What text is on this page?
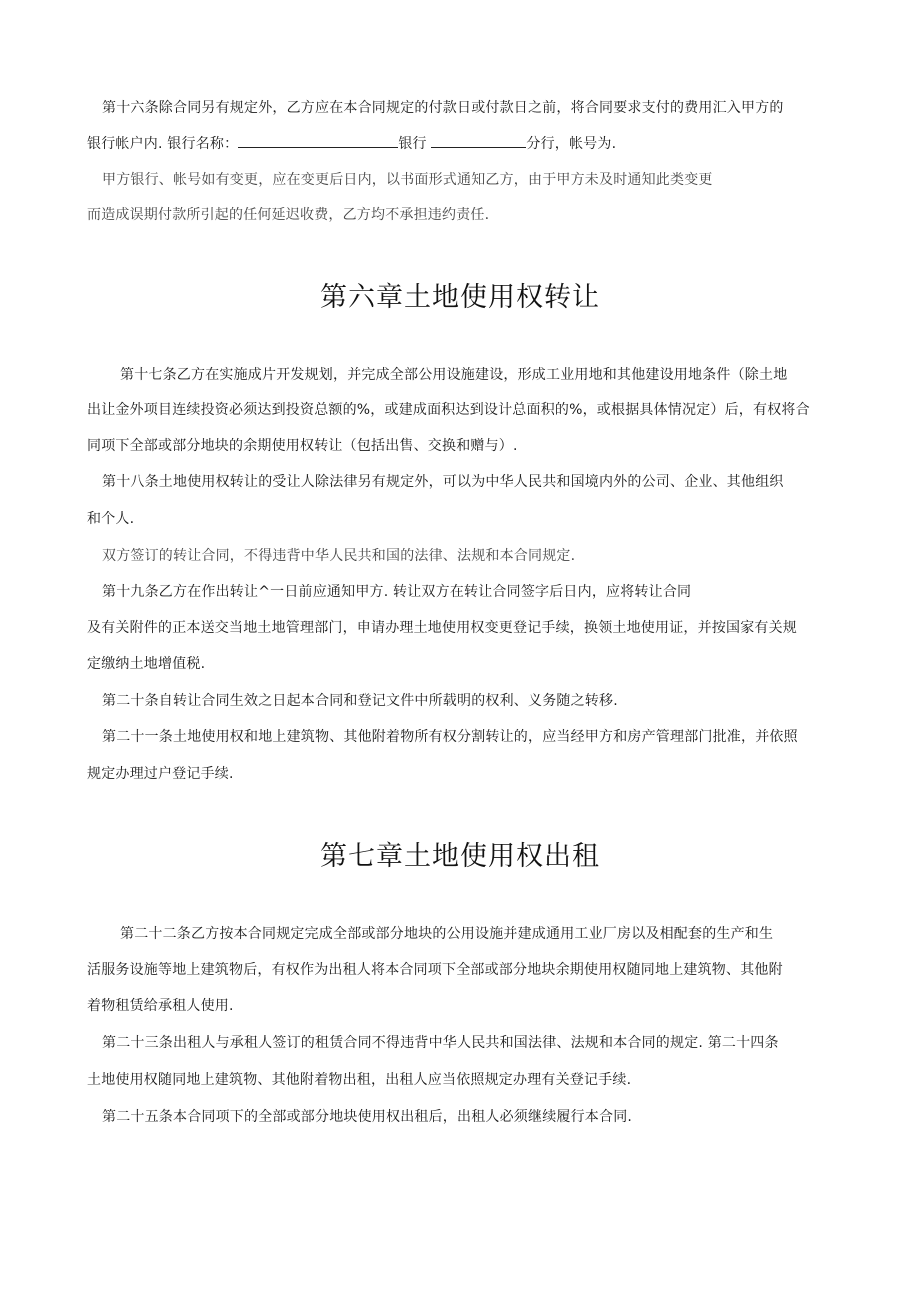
第十六条除合同另有规定外，乙方应在本合同规定的付款日或付款日之前，将合同要求支付的费用汇入甲方的
银行帐户内. 银行名称：	银行	分行，帐号为.
甲方银行、帐号如有变更，应在变更后日内，以书面形式通知乙方，由于甲方未及时通知此类变更
而造成误期付款所引起的任何延迟收费，乙方均不承担违约责任.
第六章土地使用权转让
第十七条乙方在实施成片开发规划，并完成全部公用设施建设，形成工业用地和其他建设用地条件（除土地
出让金外项目连续投资必须达到投资总额的%，或建成面积达到设计总面积的%，或根据具体情况定）后，有权将合
同项下全部或部分地块的余期使用权转让（包括出售、交换和赠与）.
第十八条土地使用权转让的受让人除法律另有规定外，可以为中华人民共和国境内外的公司、企业、其他组织
和个人.
双方签订的转让合同，不得违背中华人民共和国的法律、法规和本合同规定.
第十九条乙方在作出转让^一日前应通知甲方. 转让双方在转让合同签字后日内，应将转让合同
及有关附件的正本送交当地土地管理部门，申请办理土地使用权变更登记手续，换领土地使用证，并按国家有关规
定缴纳土地增值税.
第二十条自转让合同生效之日起本合同和登记文件中所载明的权利、义务随之转移.
第二十一条土地使用权和地上建筑物、其他附着物所有权分割转让的，应当经甲方和房产管理部门批准，并依照
规定办理过户登记手续.
第七章土地使用权出租
第二十二条乙方按本合同规定完成全部或部分地块的公用设施并建成通用工业厂房以及相配套的生产和生
活服务设施等地上建筑物后，有权作为出租人将本合同项下全部或部分地块余期使用权随同地上建筑物、其他附
着物租赁给承租人使用.
第二十三条出租人与承租人签订的租赁合同不得违背中华人民共和国法律、法规和本合同的规定. 第二十四条
土地使用权随同地上建筑物、其他附着物出租，出租人应当依照规定办理有关登记手续.
第二十五条本合同项下的全部或部分地块使用权出租后，出租人必须继续履行本合同.
